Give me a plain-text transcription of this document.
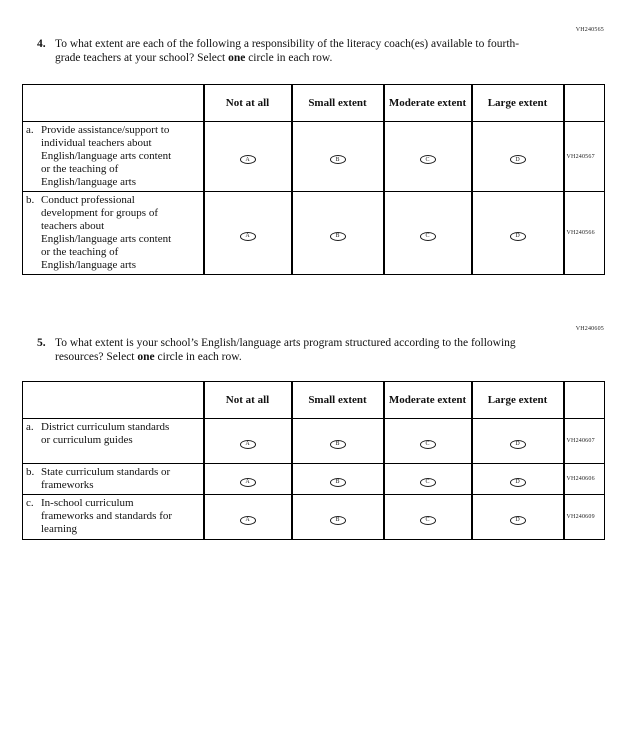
VH240565
VH240605
4. To what extent are each of the following a responsibility of the literacy coach(es) available to fourth-grade teachers at your school? Select one circle in each row.
	Not at all	Small extent	Moderate extent	Large extent	

a. Provide assistance/support to individual teachers about English/language arts content or the teaching of English/language arts	A	B	C	D	VH240567

b. Conduct professional development for groups of teachers about English/language arts content or the teaching of English/language arts	A	B	C	D	VH240566
5. To what extent is your school’s English/language arts program structured according to the following resources? Select one circle in each row.
	Not at all	Small extent	Moderate extent	Large extent	

a. District curriculum standards or curriculum guides	A	B	C	D	VH240607

b. State curriculum standards or frameworks	A	B	C	D	VH240606

c. In-school curriculum frameworks and standards for learning	A	B	C	D	VH240609
